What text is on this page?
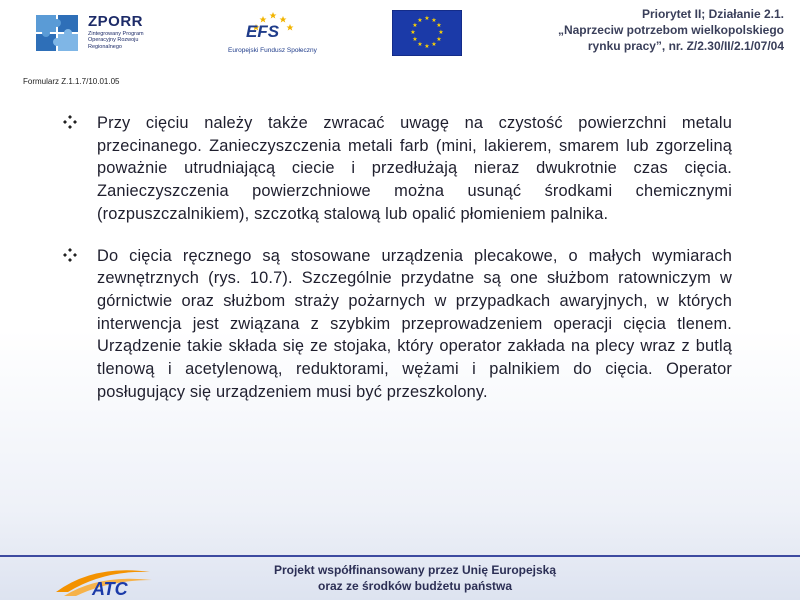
ZPORR
Zintegrowany Program Operacyjny Rozwoju Regionalnego
EFS
Europejski Fundusz Społeczny
★ ★
★
★
★
★
★
★
★
★
★
★	Priorytet II; Działanie 2.1.
„Naprzeciw potrzebom wielkopolskiego
rynku pracy”, nr. Z/2.30/II/2.1/07/04
Formularz Z.1.1.7/10.01.05
Przy cięciu należy także zwracać uwagę na czystość powierzchni metalu przecinanego. Zanieczyszczenia metali farb (mini, lakierem, smarem lub zgorzeliną poważnie utrudniającą ciecie i przedłużają nieraz dwukrotnie czas cięcia. Zanieczyszczenia powierzchniowe można usunąć środkami chemicznymi (rozpuszczalnikiem), szczotką stalową lub opalić płomieniem palnika.
Do cięcia ręcznego są stosowane urządzenia plecakowe, o małych wymiarach zewnętrznych (rys. 10.7). Szczególnie przydatne są one służbom ratowniczym w górnictwie oraz służbom straży pożarnych w przypadkach awaryjnych, w których interwencja jest związana z szybkim przeprowadzeniem operacji cięcia tlenem. Urządzenie takie składa się ze stojaka, który operator zakłada na plecy wraz z butlą tlenową i acetylenową, reduktorami, wężami i palnikiem do cięcia. Operator posługujący się urządzeniem musi być przeszkolony.
ATC
Projekt współfinansowany przez Unię Europejską
oraz ze środków budżetu państwa
